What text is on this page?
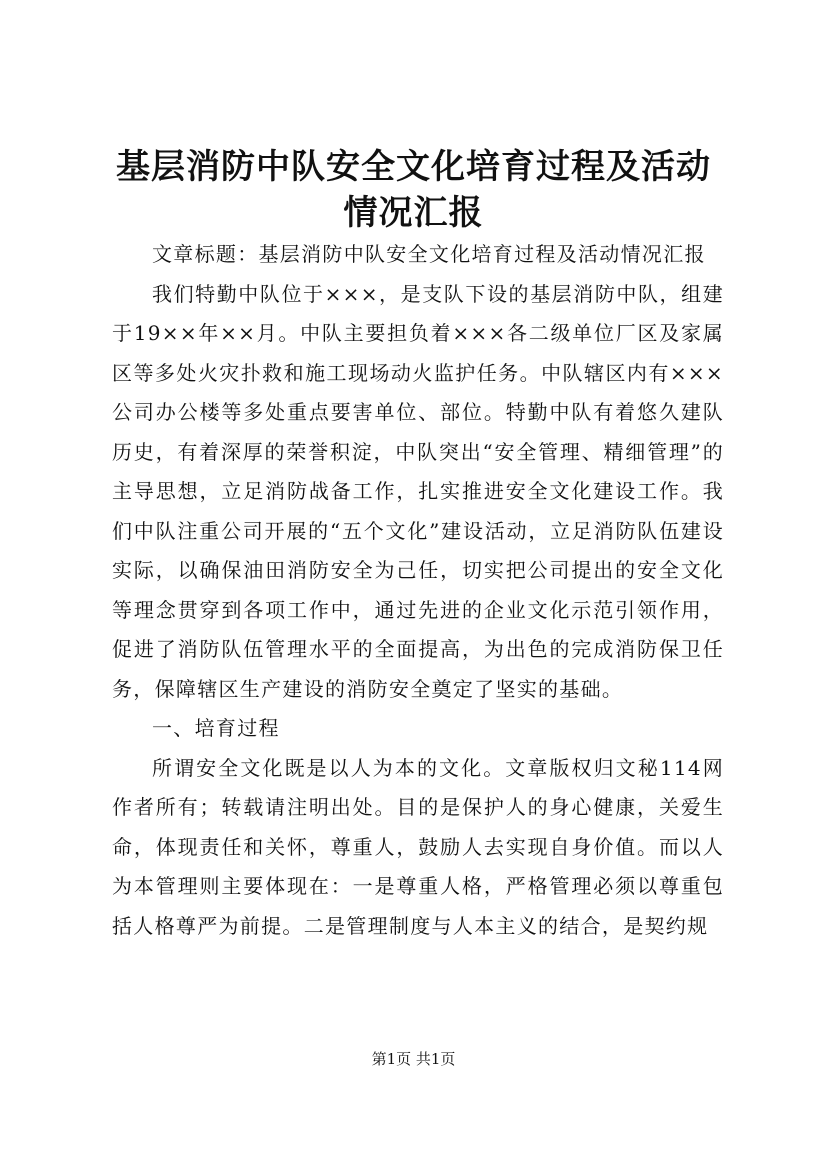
基层消防中队安全文化培育过程及活动情况汇报

文章标题：基层消防中队安全文化培育过程及活动情况汇报

我们特勤中队位于×××，是支队下设的基层消防中队，组建于19××年××月。中队主要担负着×××各二级单位厂区及家属区等多处火灾扑救和施工现场动火监护任务。中队辖区内有×××公司办公楼等多处重点要害单位、部位。特勤中队有着悠久建队历史，有着深厚的荣誉积淀，中队突出“安全管理、精细管理”的主导思想，立足消防战备工作，扎实推进安全文化建设工作。我们中队注重公司开展的“五个文化”建设活动，立足消防队伍建设实际，以确保油田消防安全为己任，切实把公司提出的安全文化等理念贯穿到各项工作中，通过先进的企业文化示范引领作用，促进了消防队伍管理水平的全面提高，为出色的完成消防保卫任务，保障辖区生产建设的消防安全奠定了坚实的基础。

一、培育过程

所谓安全文化既是以人为本的文化。文章版权归文秘114网作者所有；转载请注明出处。目的是保护人的身心健康，关爱生命，体现责任和关怀，尊重人，鼓励人去实现自身价值。而以人为本管理则主要体现在：一是尊重人格，严格管理必须以尊重包括人格尊严为前提。二是管理制度与人本主义的结合，是契约规

第1页 共1页
